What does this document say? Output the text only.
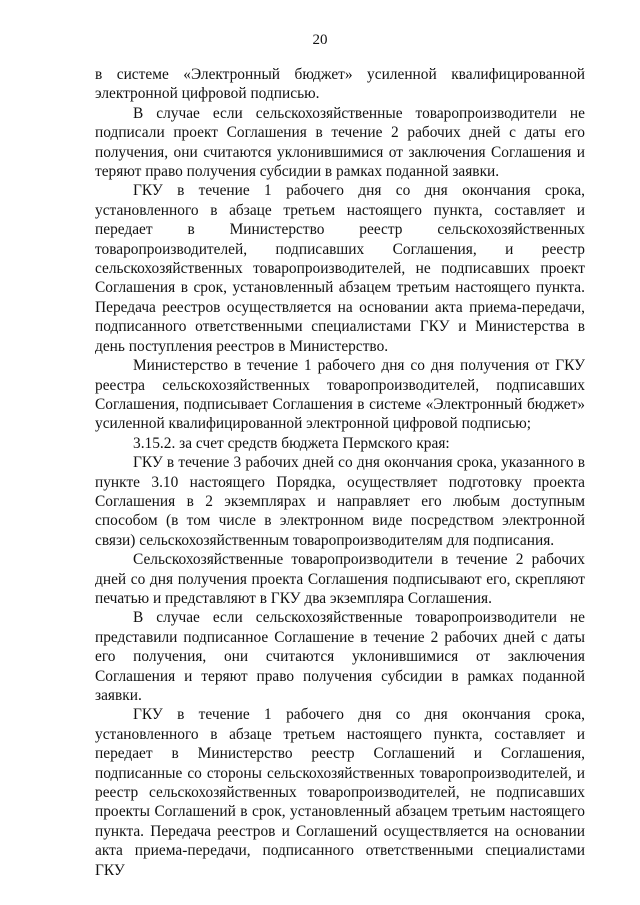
20

в системе «Электронный бюджет» усиленной квалифицированной электронной цифровой подписью.

В случае если сельскохозяйственные товаропроизводители не подписали проект Соглашения в течение 2 рабочих дней с даты его получения, они считаются уклонившимися от заключения Соглашения и теряют право получения субсидии в рамках поданной заявки.

ГКУ в течение 1 рабочего дня со дня окончания срока, установленного в абзаце третьем настоящего пункта, составляет и передает в Министерство реестр сельскохозяйственных товаропроизводителей, подписавших Соглашения, и реестр сельскохозяйственных товаропроизводителей, не подписавших проект Соглашения в срок, установленный абзацем третьим настоящего пункта. Передача реестров осуществляется на основании акта приема-передачи, подписанного ответственными специалистами ГКУ и Министерства в день поступления реестров в Министерство.

Министерство в течение 1 рабочего дня со дня получения от ГКУ реестра сельскохозяйственных товаропроизводителей, подписавших Соглашения, подписывает Соглашения в системе «Электронный бюджет» усиленной квалифицированной электронной цифровой подписью;

3.15.2. за счет средств бюджета Пермского края:

ГКУ в течение 3 рабочих дней со дня окончания срока, указанного в пункте 3.10 настоящего Порядка, осуществляет подготовку проекта Соглашения в 2 экземплярах и направляет его любым доступным способом (в том числе в электронном виде посредством электронной связи) сельскохозяйственным товаропроизводителям для подписания.

Сельскохозяйственные товаропроизводители в течение 2 рабочих дней со дня получения проекта Соглашения подписывают его, скрепляют печатью и представляют в ГКУ два экземпляра Соглашения.

В случае если сельскохозяйственные товаропроизводители не представили подписанное Соглашение в течение 2 рабочих дней с даты его получения, они считаются уклонившимися от заключения Соглашения и теряют право получения субсидии в рамках поданной заявки.

ГКУ в течение 1 рабочего дня со дня окончания срока, установленного в абзаце третьем настоящего пункта, составляет и передает в Министерство реестр Соглашений и Соглашения, подписанные со стороны сельскохозяйственных товаропроизводителей, и реестр сельскохозяйственных товаропроизводителей, не подписавших проекты Соглашений в срок, установленный абзацем третьим настоящего пункта. Передача реестров и Соглашений осуществляется на основании акта приема-передачи, подписанного ответственными специалистами ГКУ
